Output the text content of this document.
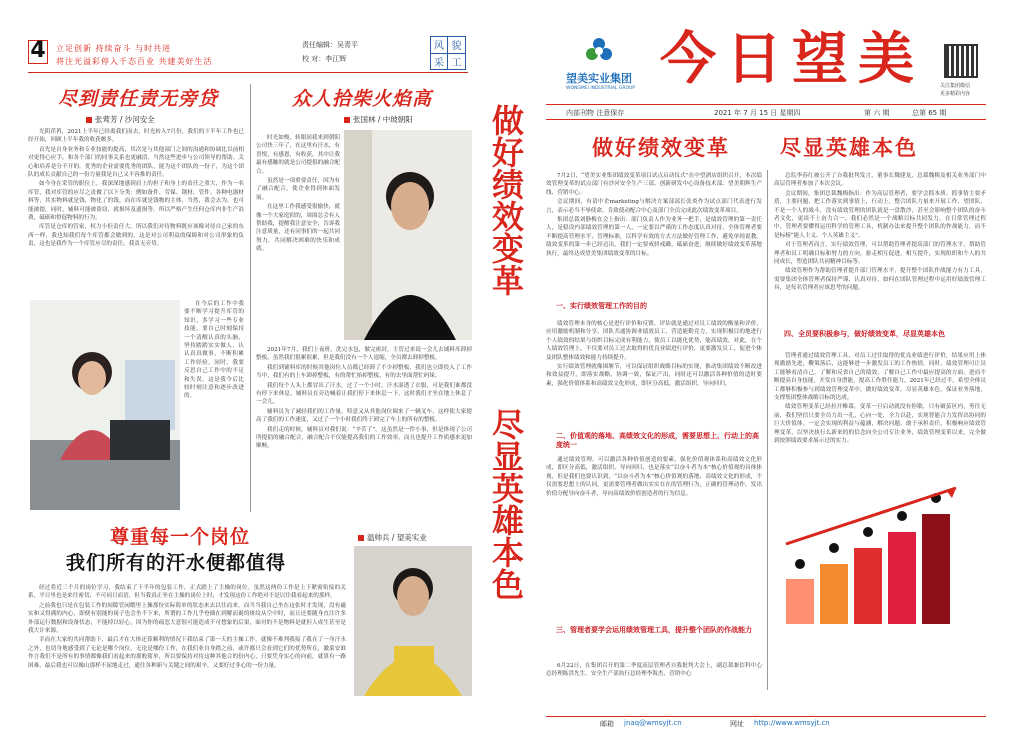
4 立足创新 持续奋斗 与时共进
将注光溢彩停入千态百业 共建美好生活
责任编辑：吴青平
校 对：李江辉
风 貌
采 工
尽到责任责无旁贷
张莺芳 / 沙河安全

光阴荏苒，2021上半年已经离我们而去，时光转入7月份，我们的下半年工作也已经开始，回顾上半年我的收获颇多。

首先是自身业务和专业技能的提高，其次是与其他部门之间的沟通和协调比以前相对更得心应手，和各个部门的同事关系也更融洽，当然这些进步与公司领导的帮助、关心和培养是分不开的。优秀的企业需要优秀的团队，能为这个团队的一份子，为这个团队的成长贡献自己的一份力量我是自己又不容推的责任。

如今身在采管的职位上，我深深地感到肩上的担子和身上的责任之重大，作为一名库管，我对库管的应尽之责做了以下分类：例如备件、劳保、钢材、管件、各种电器材料等，其实物料就是钱，物化了的钱，而在库就是钱物的主体，当然，我会去为，也可能被提，同时，辅料可能被盗窃，就损坏及遗损等。所以严格产生任何仓库内非生产浪费，砥砺和督促物料的行为。

库管是仓库的管家，权力小但责任大，所以我们对待物料既应该像对待自己家的东西一样，我也知我们每个库管都会做到的，这是对公司利益的保障和对公司形象的负责，这也是我作为一个库管应尽的责任，我责无旁贷。

在今后的工作中我要不断学习提升库管的知识，多学习一些专业技能，要自己时刻保持一个清醒认真的头脑，坚持踏踏实实做人，认认真真做事，不断积累工作经验，同时，我要反思自己工作中的不足和失误，这是我今后比较时刻注意和逐步改进的。

众人拾柴火焰高
张国林 / 中玻朝阳

时光如梭，转眼间我来到朝阳公司快三年了，在这里有汗水，有喜悦，有感恩，有收获，其中让我最有感触的就是公司提倡的融合配合。

虽然是一项重要责任，因为有了融合配合，使企业得到体面发展。

在这里工作我感受很愉快，就像一个大家庭似的，周围总会有人帮助我，提醒我注意安全，告诉我注意质量，还有同事们的一起共同努力，共同解决困难的快乐和成就。

2021年7月，我们上夜班，洗完水包，做完密封，主管过来说一会儿去铺料库卸掉整板，虽然我们很累很累，但是我们没有一个人退缩，全员都去卸掉整板。

我们到铺料库的时候其他岗位人员都已经卸了不少掉整板，我们也立即投入了工作当中，我们有的上车卸掉整板，有的帮忙抬掉整板，有的去里面帮忙码垛。

我们每个人头上都冒出了汗水，过了一个小时，汗水湿透了衣服，可是我们谁都没有停下来休息，辅料员在旁边喊着让我们停下来休息一下，这时我们才坐在地上休息了一会儿。

辅料员为了减轻我们的工作量，特意又从其他岗位调来了一辆叉车，这样使大家提高了我们的工作速度，又过了一个小时我们终于卸完了车上的所有的整板。

我们走的时候，辅料员对我们说：“辛苦了”。这虽然是一件小事，但是体现了公司所提倡的融合配合，融合配合不仅能提高我们的工作效率，而且也提升工作质感来更加顺畅。

尊重每一个岗位
我们所有的汗水便都值得

经过将近三个月的岗位学习，我结束了下半年的包装工作，正式踏上了主操的岗位。虽然这两份工作是上下紧密衔接的关系，平日里也是来往密切，不可同日而语，但当我真正坐在主操的岗位上时，才发现这份工作绝对不是以往我看起来的那样。

之前我也只是在包装工作的间隙管闲暇里上操那份实际简单的状态来去以往而来，而当当我自己坐在这张时才发现，没有磁实和又得满的内心，即便有别能的岗子也会坐不下来，所谓的工作几乎登插在到解而诞的斑纹从空中时，而且还要随身直注许多外部运行数据和设备状态，不能掉以轻心，因为你的疏忽大意很可能造成不可想象的后果，面对的不是物料是就但人成生甚至是我大计来源。

幸而在大家的共同帮助下，最后才在大体还算顺利的情况下我结束了第一天的主操工作，就像不难判我接了我在了一身汗水之外，也切身地感受到了无论是哪个岗位，无论是哪份工作，在我们业自身踏之前，或许都只会看到它们的优势所在，激菜安谁作言我们不是所有的事情都像我们看起来的那般简单，所以要保持对待这种其他合的份内心，只要凭身实心的向前，就算有一路困难，最后我也可以像山那样不屈地走过，通往各种新与关键之间的艰辛，又要好过非心的一份力量。

温帅兵 / 望美实业
做好绩效变革
尽显英雄本色
望美实业集团
WONGMEI INDUSTRIAL GROUP 今日望美	关注集团微信
更多精彩内容
内部刊物 注意保存	2021 年 7 月 15 日 星期四	第 六 期	总第 65 期
做好绩效变革 尽显英雄本色

7月2日，“望美实业集团绩效变革项目试点启动仪式”在中望酒店组织召开，本次绩效管理变革的试点部门有沙河安全生产三部、创新研发中心设备技术部、望美朝辉生产线、营销中心。

会议期间，有请中企marketing与解决方案部部长张炎作为试点部门代表进行发言，表示必当不辱使命，肯致使动配合中心及部门全员完成此次绩效变革项目。

集团总裁刘静梅在会上指出：部门负责人作为业务一把手，是绩效管理的第一责任人，是稳设内部绩效管理的第一人，一定要以严谨的工作态度认真对待。全体管理者要不断提高管理水平、管理标准，以科学有效的方式方法做好管理工作，避免单纯说教。绩效变革的第一步已经迈出，我们一定要戒骄戒躁、砥砺奋进，继续做好绩效变革落地执行，最终达成望美集团绩效变革的目标。

一、实行绩效管理工作的目的

绩效管理本身的核心是进行评价和反馈，评估就是通过对员工绩效的衡量和评价，应用激励机制和分享，团队共通协调业绩效员工，营造能勤竞力，实现积极目的地进行个人绩效的结果与组织目标完成有利能力，使员工以能化优势，能高绩效，对此，在个人绩效管理上，不仅要对员工过去取得的优良业绩进行评价，更要激发员工，促进个体及团队整体绩效和能力持续提升。

实行绩效管理就像围堰节，可以保证组织战略目标的实现，推动集团绩效不断改进和效益提升，即落实战略，协调一致，保证产出，同时还可以激活各种价值的适时要素，强化价值体系和高绩效文化形成，即区分高低，激活组织，导向回归。

二、价值观的落地、高绩效文化的形成，需要思想上、行动上的高度统一

通过绩效管理，可以激活各种价值创造的要素，强化价值观体系和高绩效文化形成，即区分高低，激活组织，导向回归，也是落实“以奋斗者为本”核心价值观的具体体现，但是我们也要认识到，“以奋斗者为本”核心价值观的落地、高绩效文化的形成，不仅需要思想上的认同，更需要管理者做出实实在在的管理行为，正确的管理动作，发出价值分配导向奋斗者，导向高绩效价值创造者的行为信息。

三、管理者要学会运用绩效管理工具，提升整个团队的作战能力

6月22日，在集团召开的第二季度高层管理者自我批判大会上，副总裁兼信科中心总经理陈洪先生、安全生产部执行总经理李海杰、营销中心

总监李春红被公开了自我批判发言，董事长魏建龙，总裁魏梅及相关业务部门中高层管理者参加了本次会议。

会议期间，集团总裁魏梅指出：作为高层管理者，要学会抓本质、抓事情主要矛盾，主要问题，把工作落实到事情上，行动上，整合团队力量来开展工作，望团队，不是一个人的战斗，没有绩效管理的团队就是一盘散沙，甚至会影响整个团队的奋斗者文化，更谈不上奋力合一。我们必然是一个战略目标共同发力，在日常管理过程中，管理者要懂得运用科学的管理工具，机制办法来提升整个团队的作战能力，而不是标榜“能人主义、个人英雄主义”。

对于管理者而言，实行绩效管理，可以帮助管理者提高部门的管理水平，帮助管理者和员工明确目标和努力的方向，驱走相互促进，相互提升，实现组织和个人的共同成长，塑造团队共同精神目标等。

绩效管理作为帮助管理者提升部门管理水平，提升整个团队作战能力有力工具，需要集团全体管理者保持严谨、认真对待，如何在团队管理过程中运用好绩效管理工具，是每名管理者应该思考的问题。

四、全员要积极参与，做好绩效变革，尽显英雄本色

管理者通过绩效管理工具，对员工过往取得的优良业绩进行评价，结果应用上体现激励先进，鞭策落后，这能够进一步激发员工的工作热情，同时，绩效管理可让员工能够看清自己，了解和反省自己的绩效，了解自己工作中最应提高的方面，进而不断提高自身技能，开发自身潜能，提高工作胜任能力，2021年已经过半，希望全体员工都够积极参与到绩效管理变革中，做好绩效变革，尽显英雄本色，保证业务落地，支撑集团整体战略目标的达成。

绩效管理变革已经拉开帷幕，变革一旦启动就没有停歇，只有破茧区内，勇往无前，我们坚信只要全员力出一孔，心向一处，全力以赴，实现智能合力发挥出协同的巨大价值体。一定会实现的利益与蕴涵，解决问题，敢于承担责任，积极响应绩效管理变革，以坚决执行么新来的的信念向全公司专注业务，绩效管理变革以来，完全做到按照绩效要求展示过的实力。

邮箱 jnaq@wmsyjt.cn	网址 http://www.wmsyjt.cn
